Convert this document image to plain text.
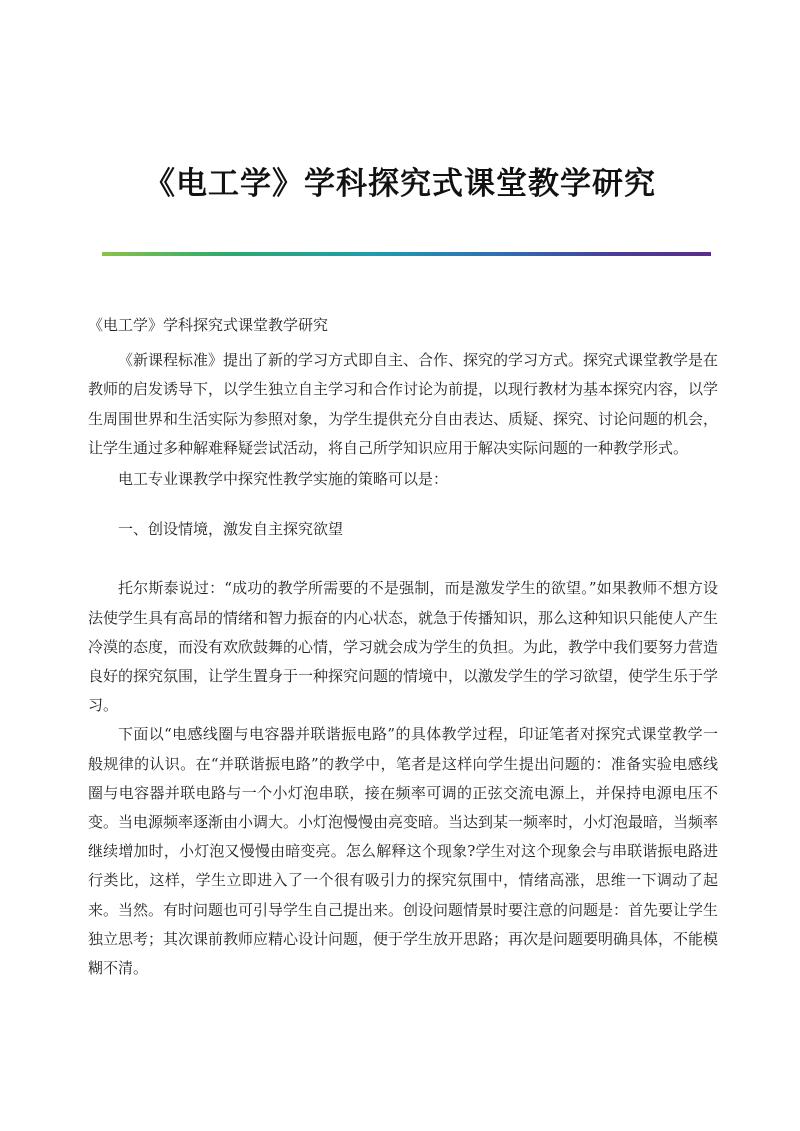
《电工学》学科探究式课堂教学研究

《电工学》学科探究式课堂教学研究

《新课程标准》提出了新的学习方式即自主、合作、探究的学习方式。探究式课堂教学是在教师的启发诱导下，以学生独立自主学习和合作讨论为前提，以现行教材为基本探究内容，以学生周围世界和生活实际为参照对象，为学生提供充分自由表达、质疑、探究、讨论问题的机会，让学生通过多种解难释疑尝试活动，将自己所学知识应用于解决实际问题的一种教学形式。

电工专业课教学中探究性教学实施的策略可以是：

一、创设情境，激发自主探究欲望

托尔斯泰说过：“成功的教学所需要的不是强制，而是激发学生的欲望。”如果教师不想方设法使学生具有高昂的情绪和智力振奋的内心状态，就急于传播知识，那么这种知识只能使人产生冷漠的态度，而没有欢欣鼓舞的心情，学习就会成为学生的负担。为此，教学中我们要努力营造良好的探究氛围，让学生置身于一种探究问题的情境中，以激发学生的学习欲望，使学生乐于学习。

下面以“电感线圈与电容器并联谐振电路”的具体教学过程，印证笔者对探究式课堂教学一般规律的认识。在“并联谐振电路”的教学中，笔者是这样向学生提出问题的：准备实验电感线圈与电容器并联电路与一个小灯泡串联，接在频率可调的正弦交流电源上，并保持电源电压不变。当电源频率逐渐由小调大。小灯泡慢慢由亮变暗。当达到某一频率时，小灯泡最暗，当频率继续增加时，小灯泡又慢慢由暗变亮。怎么解释这个现象?学生对这个现象会与串联谐振电路进行类比，这样，学生立即进入了一个很有吸引力的探究氛围中，情绪高涨，思维一下调动了起来。当然。有时问题也可引导学生自己提出来。创设问题情景时要注意的问题是：首先要让学生独立思考；其次课前教师应精心设计问题，便于学生放开思路；再次是问题要明确具体，不能模糊不清。
